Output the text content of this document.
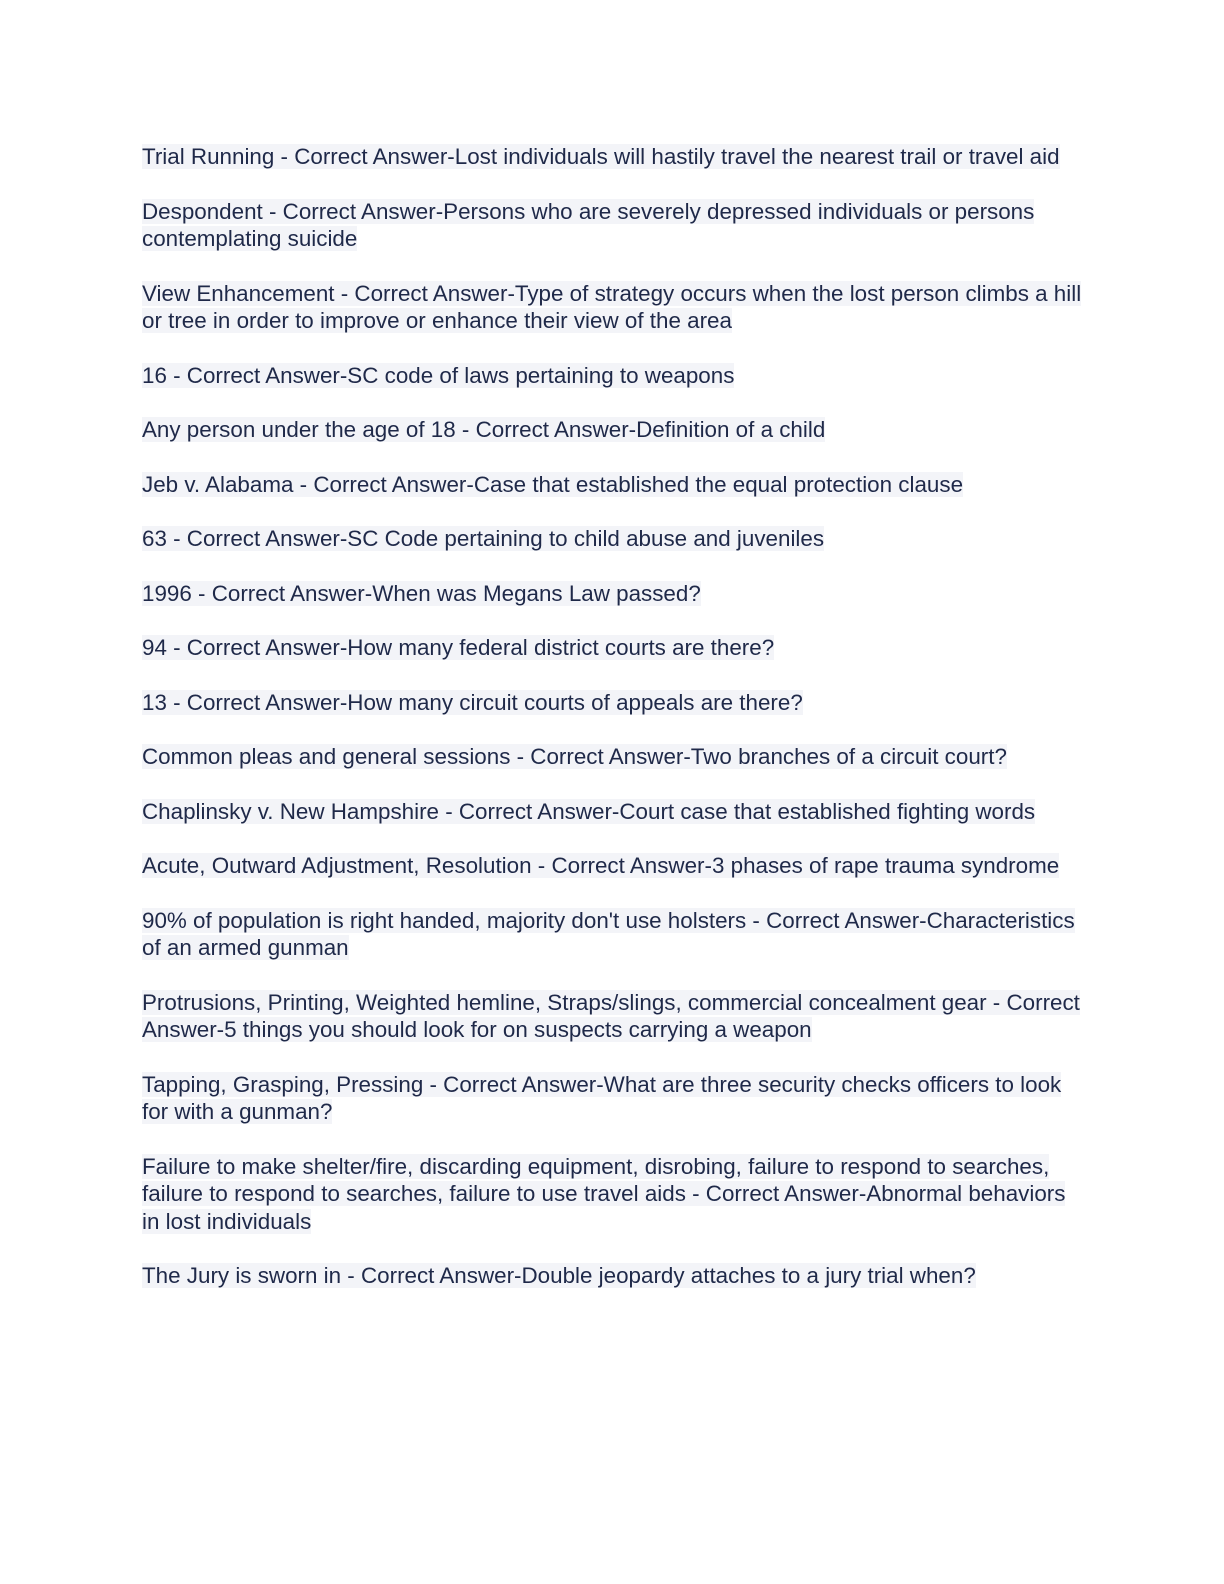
Trial Running - Correct Answer-Lost individuals will hastily travel the nearest trail or travel aid

Despondent - Correct Answer-Persons who are severely depressed individuals or persons contemplating suicide

View Enhancement - Correct Answer-Type of strategy occurs when the lost person climbs a hill or tree in order to improve or enhance their view of the area

16 - Correct Answer-SC code of laws pertaining to weapons

Any person under the age of 18 - Correct Answer-Definition of a child

Jeb v. Alabama - Correct Answer-Case that established the equal protection clause

63 - Correct Answer-SC Code pertaining to child abuse and juveniles

1996 - Correct Answer-When was Megans Law passed?

94 - Correct Answer-How many federal district courts are there?

13 - Correct Answer-How many circuit courts of appeals are there?

Common pleas and general sessions - Correct Answer-Two branches of a circuit court?

Chaplinsky v. New Hampshire - Correct Answer-Court case that established fighting words

Acute, Outward Adjustment, Resolution - Correct Answer-3 phases of rape trauma syndrome

90% of population is right handed, majority don't use holsters - Correct Answer-Characteristics of an armed gunman

Protrusions, Printing, Weighted hemline, Straps/slings, commercial concealment gear - Correct Answer-5 things you should look for on suspects carrying a weapon

Tapping, Grasping, Pressing - Correct Answer-What are three security checks officers to look for with a gunman?

Failure to make shelter/fire, discarding equipment, disrobing, failure to respond to searches, failure to respond to searches, failure to use travel aids - Correct Answer-Abnormal behaviors in lost individuals

The Jury is sworn in - Correct Answer-Double jeopardy attaches to a jury trial when?
